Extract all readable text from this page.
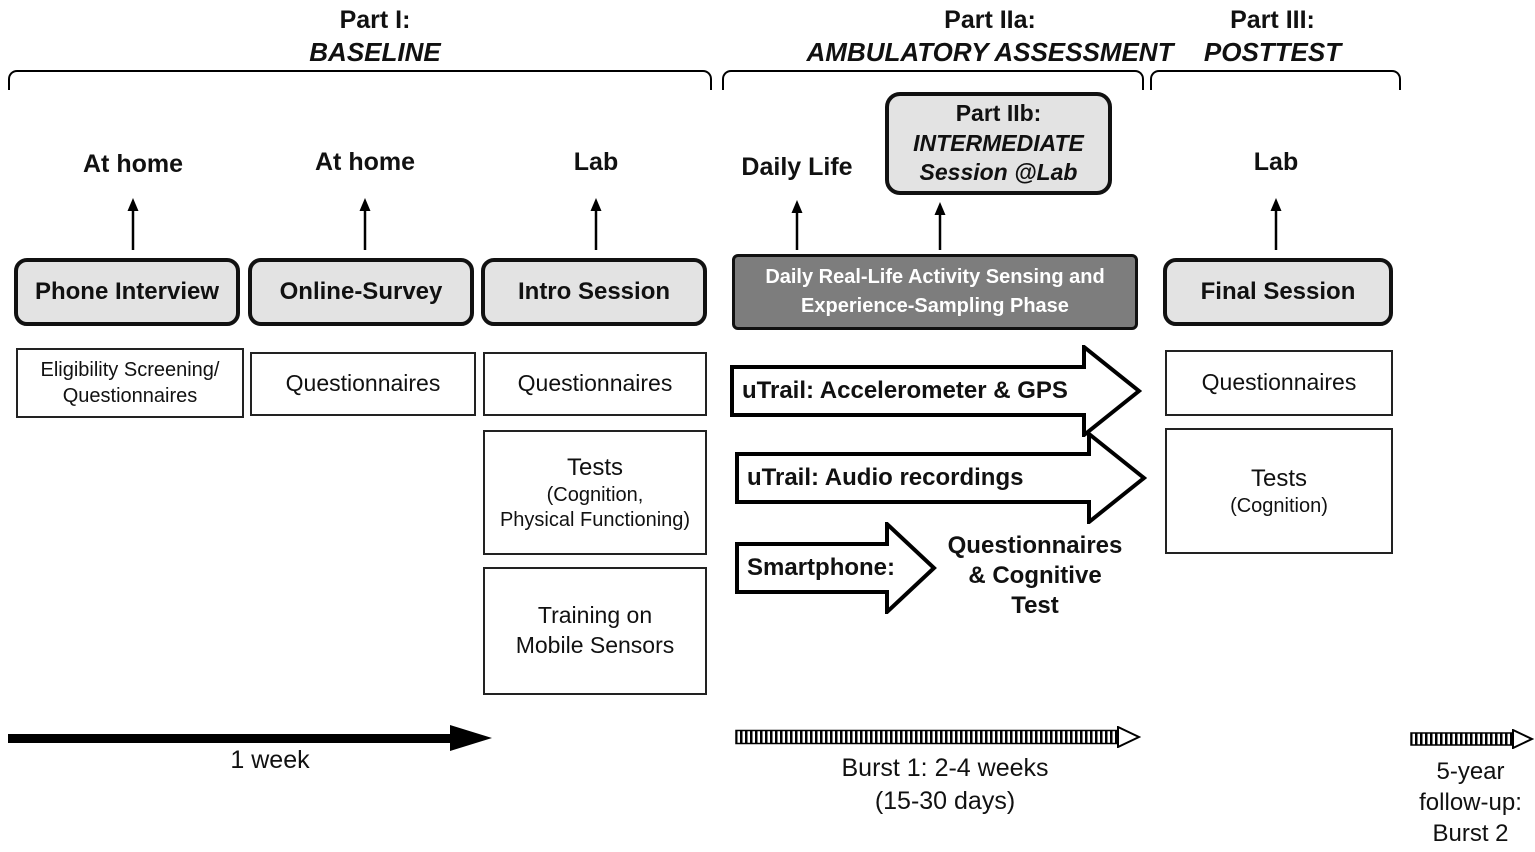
Part I:
BASELINE
Part IIa:
AMBULATORY ASSESSMENT
Part III:
POSTTEST
At home	At home	Lab	Daily Life	Lab
Part IIb:
INTERMEDIATE
Session @Lab
Phone Interview	Online-Survey	Intro Session	Final Session
Daily Real-Life Activity Sensing and
Experience-Sampling Phase
Eligibility Screening/
Questionnaires	Questionnaires	Questionnaires
Tests
(Cognition,
Physical Functioning)
Training on
Mobile Sensors
Questionnaires
Tests
(Cognition)
uTrail: Accelerometer & GPS
uTrail: Audio recordings
Smartphone:
Questionnaires
& Cognitive
Test
1 week	Burst 1: 2-4 weeks
(15-30 days)
5-year
follow-up:
Burst 2
